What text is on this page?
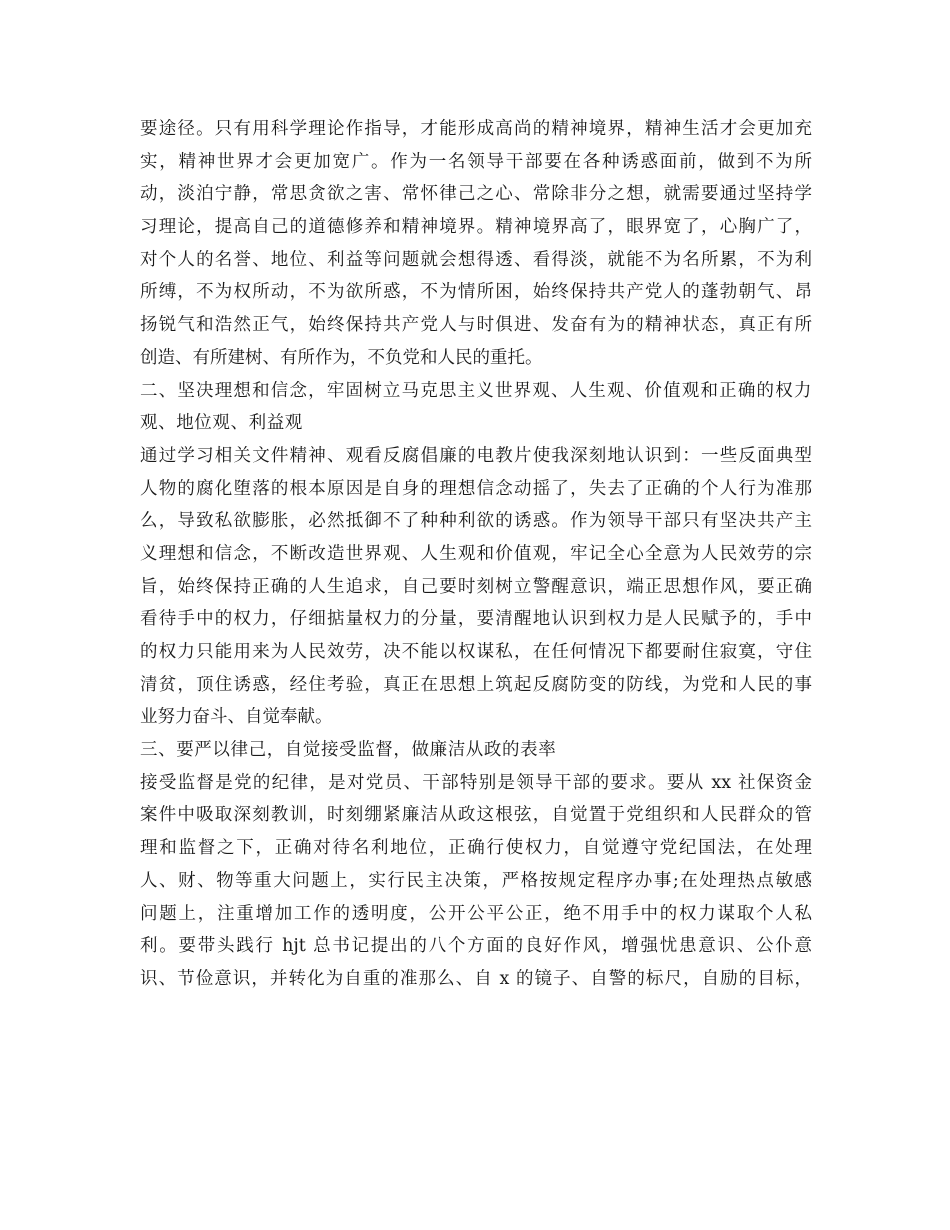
要途径。只有用科学理论作指导，才能形成高尚的精神境界，精神生活才会更加充
实，精神世界才会更加宽广。作为一名领导干部要在各种诱惑面前，做到不为所
动，淡泊宁静，常思贪欲之害、常怀律己之心、常除非分之想，就需要通过坚持学
习理论，提高自己的道德修养和精神境界。精神境界高了，眼界宽了，心胸广了，
对个人的名誉、地位、利益等问题就会想得透、看得淡，就能不为名所累，不为利
所缚，不为权所动，不为欲所惑，不为情所困，始终保持共产党人的蓬勃朝气、昂
扬锐气和浩然正气，始终保持共产党人与时俱进、发奋有为的精神状态，真正有所
创造、有所建树、有所作为，不负党和人民的重托。
二、坚决理想和信念，牢固树立马克思主义世界观、人生观、价值观和正确的权力
观、地位观、利益观
通过学习相关文件精神、观看反腐倡廉的电教片使我深刻地认识到：一些反面典型
人物的腐化堕落的根本原因是自身的理想信念动摇了，失去了正确的个人行为准那
么，导致私欲膨胀，必然抵御不了种种利欲的诱惑。作为领导干部只有坚决共产主
义理想和信念，不断改造世界观、人生观和价值观，牢记全心全意为人民效劳的宗
旨，始终保持正确的人生追求，自己要时刻树立警醒意识，端正思想作风，要正确
看待手中的权力，仔细掂量权力的分量，要清醒地认识到权力是人民赋予的，手中
的权力只能用来为人民效劳，决不能以权谋私，在任何情况下都要耐住寂寞，守住
清贫，顶住诱惑，经住考验，真正在思想上筑起反腐防变的防线，为党和人民的事
业努力奋斗、自觉奉献。
三、要严以律己，自觉接受监督，做廉洁从政的表率
接受监督是党的纪律，是对党员、干部特别是领导干部的要求。要从 xx 社保资金
案件中吸取深刻教训，时刻绷紧廉洁从政这根弦，自觉置于党组织和人民群众的管
理和监督之下，正确对待名利地位，正确行使权力，自觉遵守党纪国法，在处理
人、财、物等重大问题上，实行民主决策，严格按规定程序办事;在处理热点敏感
问题上，注重增加工作的透明度，公开公平公正，绝不用手中的权力谋取个人私
利。要带头践行 hjt 总书记提出的八个方面的良好作风，增强忧患意识、公仆意
识、节俭意识，并转化为自重的准那么、自 x 的镜子、自警的标尺，自励的目标，
